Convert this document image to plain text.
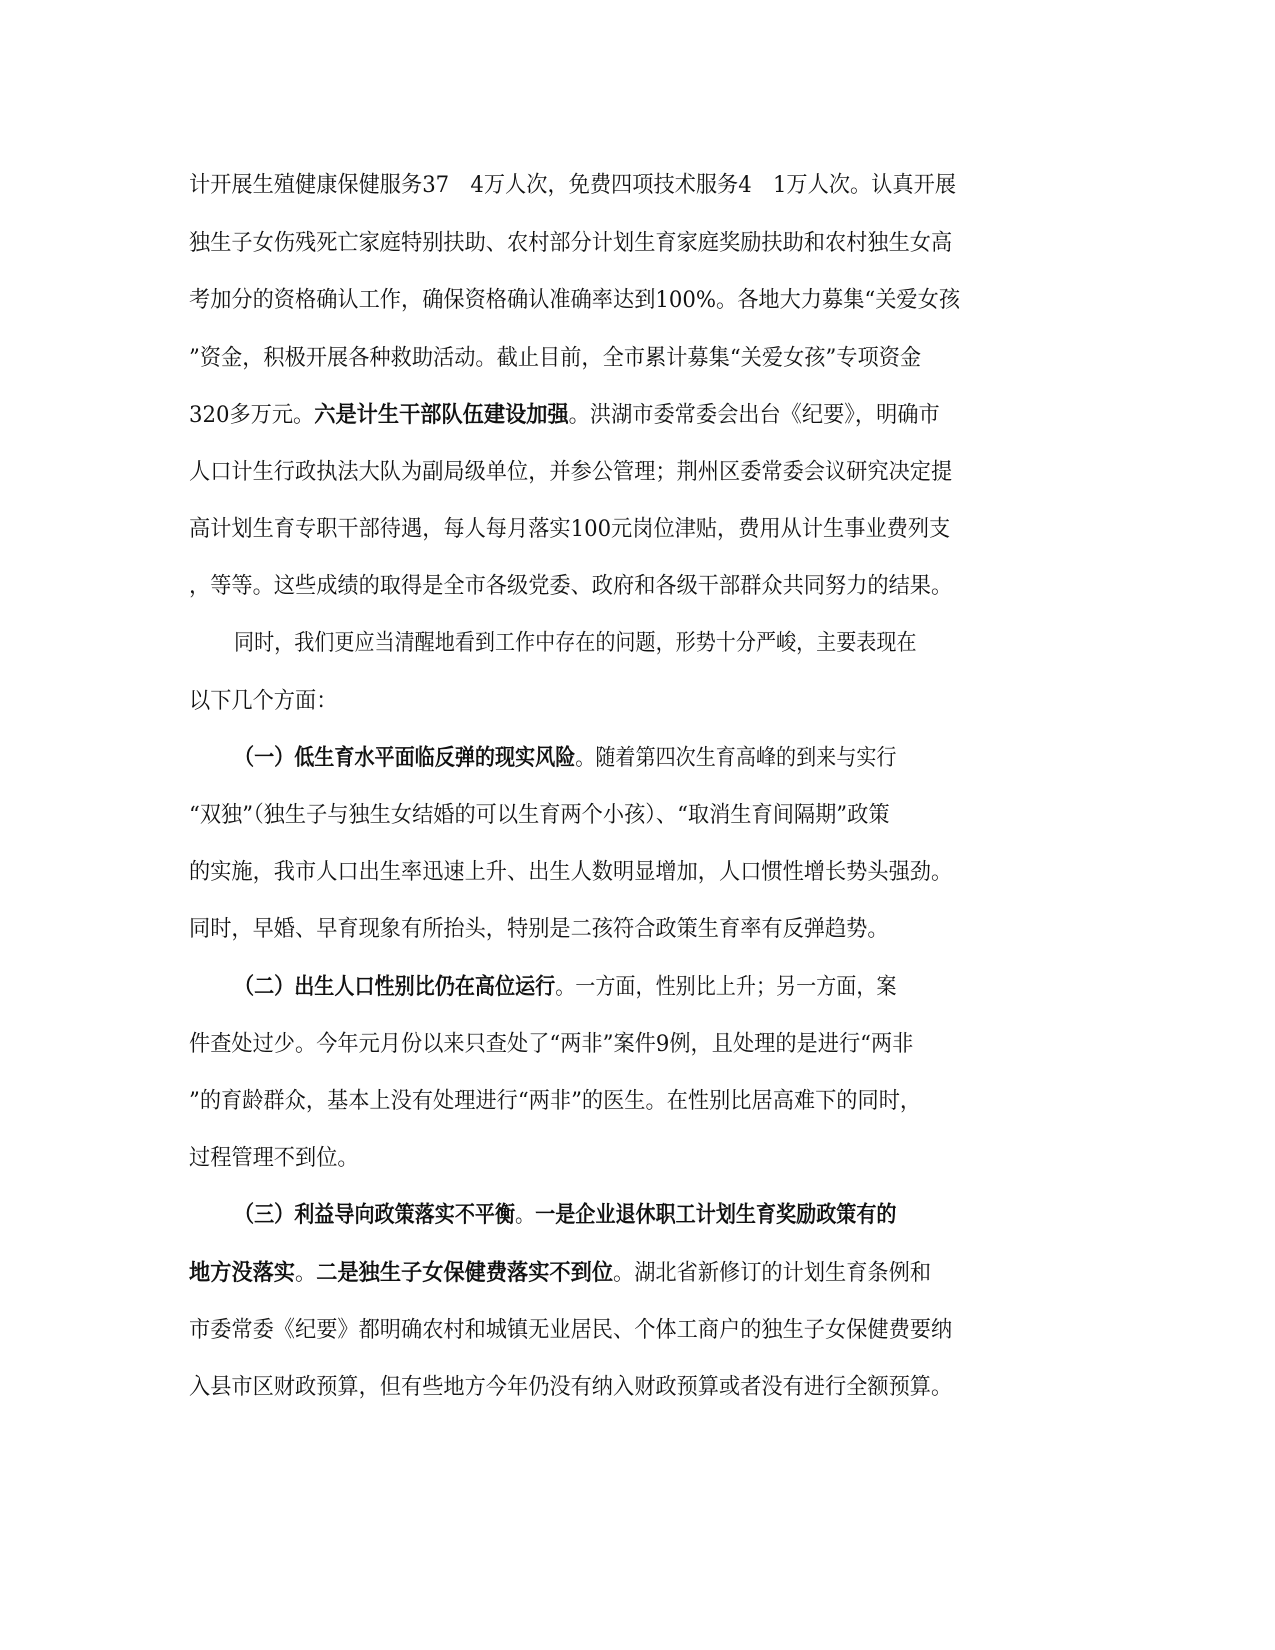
计开展生殖健康保健服务37　4万人次，免费四项技术服务4　1万人次。认真开展
独生子女伤残死亡家庭特别扶助、农村部分计划生育家庭奖励扶助和农村独生女高
考加分的资格确认工作，确保资格确认准确率达到100%。各地大力募集“关爱女孩
”资金，积极开展各种救助活动。截止目前，全市累计募集“关爱女孩”专项资金
320多万元。六是计生干部队伍建设加强。洪湖市委常委会出台《纪要》，明确市
人口计生行政执法大队为副局级单位，并参公管理；荆州区委常委会议研究决定提
高计划生育专职干部待遇，每人每月落实100元岗位津贴，费用从计生事业费列支
，等等。这些成绩的取得是全市各级党委、政府和各级干部群众共同努力的结果。
同时，我们更应当清醒地看到工作中存在的问题，形势十分严峻，主要表现在
以下几个方面：
（一）低生育水平面临反弹的现实风险。随着第四次生育高峰的到来与实行
“双独”（独生子与独生女结婚的可以生育两个小孩）、“取消生育间隔期”政策
的实施，我市人口出生率迅速上升、出生人数明显增加，人口惯性增长势头强劲。
同时，早婚、早育现象有所抬头，特别是二孩符合政策生育率有反弹趋势。
（二）出生人口性别比仍在高位运行。一方面，性别比上升；另一方面，案
件查处过少。今年元月份以来只查处了“两非”案件9例，且处理的是进行“两非
”的育龄群众，基本上没有处理进行“两非”的医生。在性别比居高难下的同时，
过程管理不到位。
（三）利益导向政策落实不平衡。一是企业退休职工计划生育奖励政策有的
地方没落实。二是独生子女保健费落实不到位。湖北省新修订的计划生育条例和
市委常委《纪要》都明确农村和城镇无业居民、个体工商户的独生子女保健费要纳
入县市区财政预算，但有些地方今年仍没有纳入财政预算或者没有进行全额预算。
